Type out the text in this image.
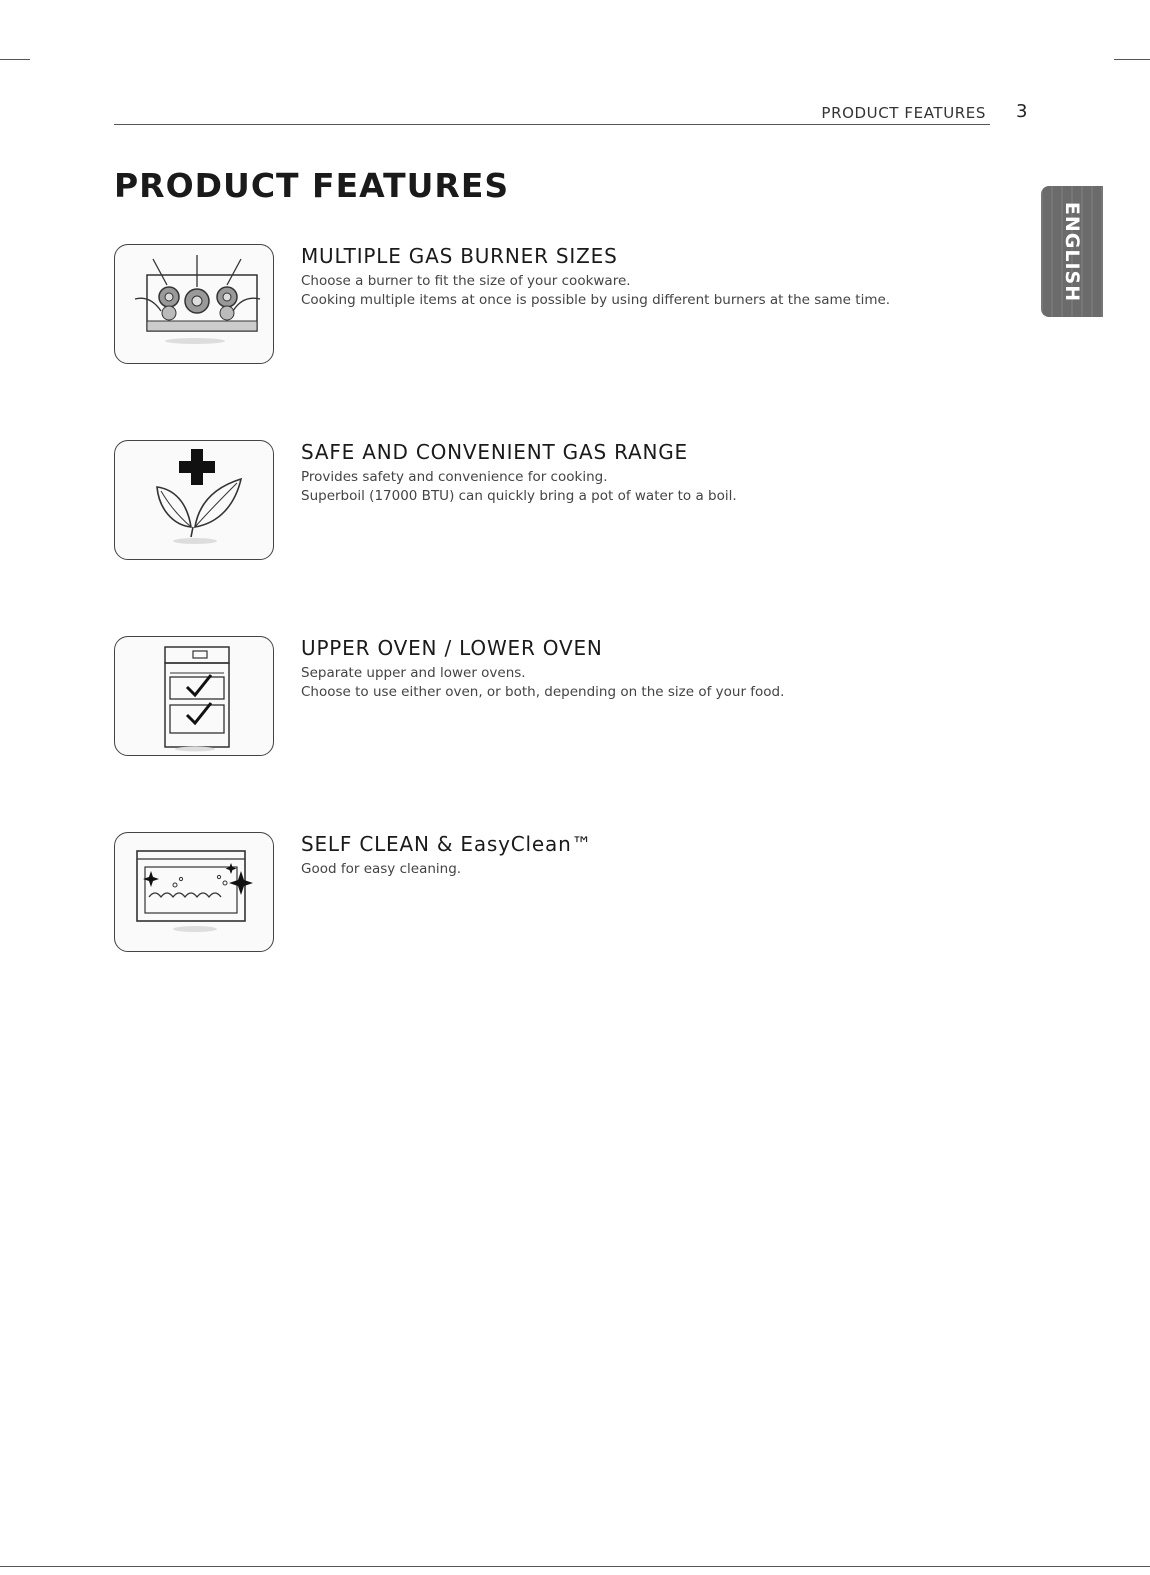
PRODUCT FEATURES 3
PRODUCT FEATURES
ENGLISH
MULTIPLE GAS BURNER SIZES
Choose a burner to fit the size of your cookware.
Cooking multiple items at once is possible by using different burners at the same time.
SAFE AND CONVENIENT GAS RANGE
Provides safety and convenience for cooking.
Superboil (17000 BTU) can quickly bring a pot of water to a boil.
UPPER OVEN / LOWER OVEN
Separate upper and lower ovens.
Choose to use either oven, or both, depending on the size of your food.
SELF CLEAN & EasyClean™
Good for easy cleaning.
